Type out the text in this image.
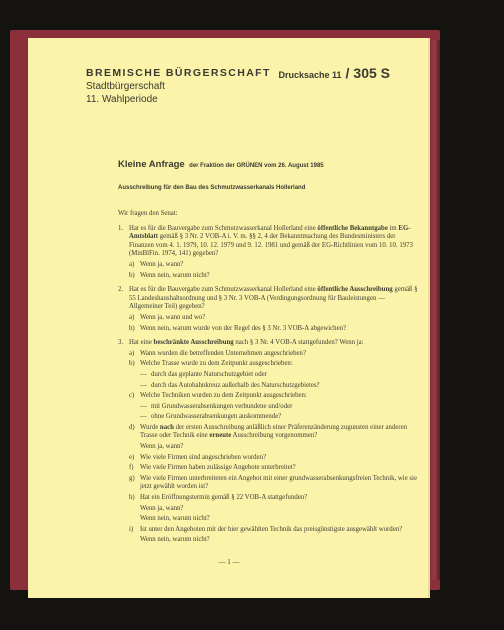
BREMISCHE BÜRGERSCHAFT
Stadtbürgerschaft
11. Wahlperiode
Drucksache 11 / 305 S
Kleine Anfrage der Fraktion der GRÜNEN vom 26. August 1985
Ausschreibung für den Bau des Schmutzwasserkanals Hollerland
Wir fragen den Senat:
1. Hat es für die Bauvergabe zum Schmutzwasserkanal Hollerland eine öffentliche Bekanntgabe im EG-Amtsblatt gemäß § 3 Nr. 2 VOB-A i. V. m. §§ 2, 4 der Bekanntmachung des Bundesministers der Finanzen vom 4. 1. 1979, 10. 12. 1979 und 9. 12. 1981 und gemäß der EG-Richtlinien vom 10. 10. 1973 (MinBlFin. 1974, 141) gegeben?
a) Wenn ja, wann?
b) Wenn nein, warum nicht?
2. Hat es für die Bauvergabe zum Schmutzwasserkanal Hollerland eine öffentliche Ausschreibung gemäß § 55 Landeshaushaltsordnung und § 3 Nr. 3 VOB-A (Verdingungsordnung für Bauleistungen — Allgemeiner Teil) gegeben?
a) Wenn ja, wann und wo?
b) Wenn nein, warum wurde von der Regel des § 3 Nr. 3 VOB-A abgewichen?
3. Hat eine beschränkte Ausschreibung nach § 3 Nr. 4 VOB-A stattgefunden? Wenn ja:
a) Wann wurden die betreffenden Unternehmen angeschrieben?
b) Welche Trasse wurde zu dem Zeitpunkt ausgeschrieben:
— durch das geplante Naturschutzgebiet oder
— durch das Autobahnkreuz außerhalb des Naturschutzgebietes?
c) Welche Techniken wurden zu dem Zeitpunkt ausgeschrieben:
— mit Grundwasserabsenkungen verbundene und/oder
— ohne Grundwasserabsenkungen auskommende?
d) Wurde nach der ersten Ausschreibung anläßlich einer Präferenzänderung zugunsten einer anderen Trasse oder Technik eine erneute Ausschreibung vorgenommen?
Wenn ja, wann?
e) Wie viele Firmen sind angeschrieben worden?
f) Wie viele Firmen haben zulässige Angebote unterbreitet?
g) Wie viele Firmen unterbreiteten ein Angebot mit einer grundwasserabsenkungsfreien Technik, wie sie jetzt gewählt worden ist?
h) Hat ein Eröffnungstermin gemäß § 22 VOB-A stattgefunden?
Wenn ja, wann?
Wenn nein, warum nicht?
i)	Ist unter den Angeboten mit der hier gewählten Technik das preisgünstigste ausgewählt worden?
Wenn nein, warum nicht?
— 1 —
